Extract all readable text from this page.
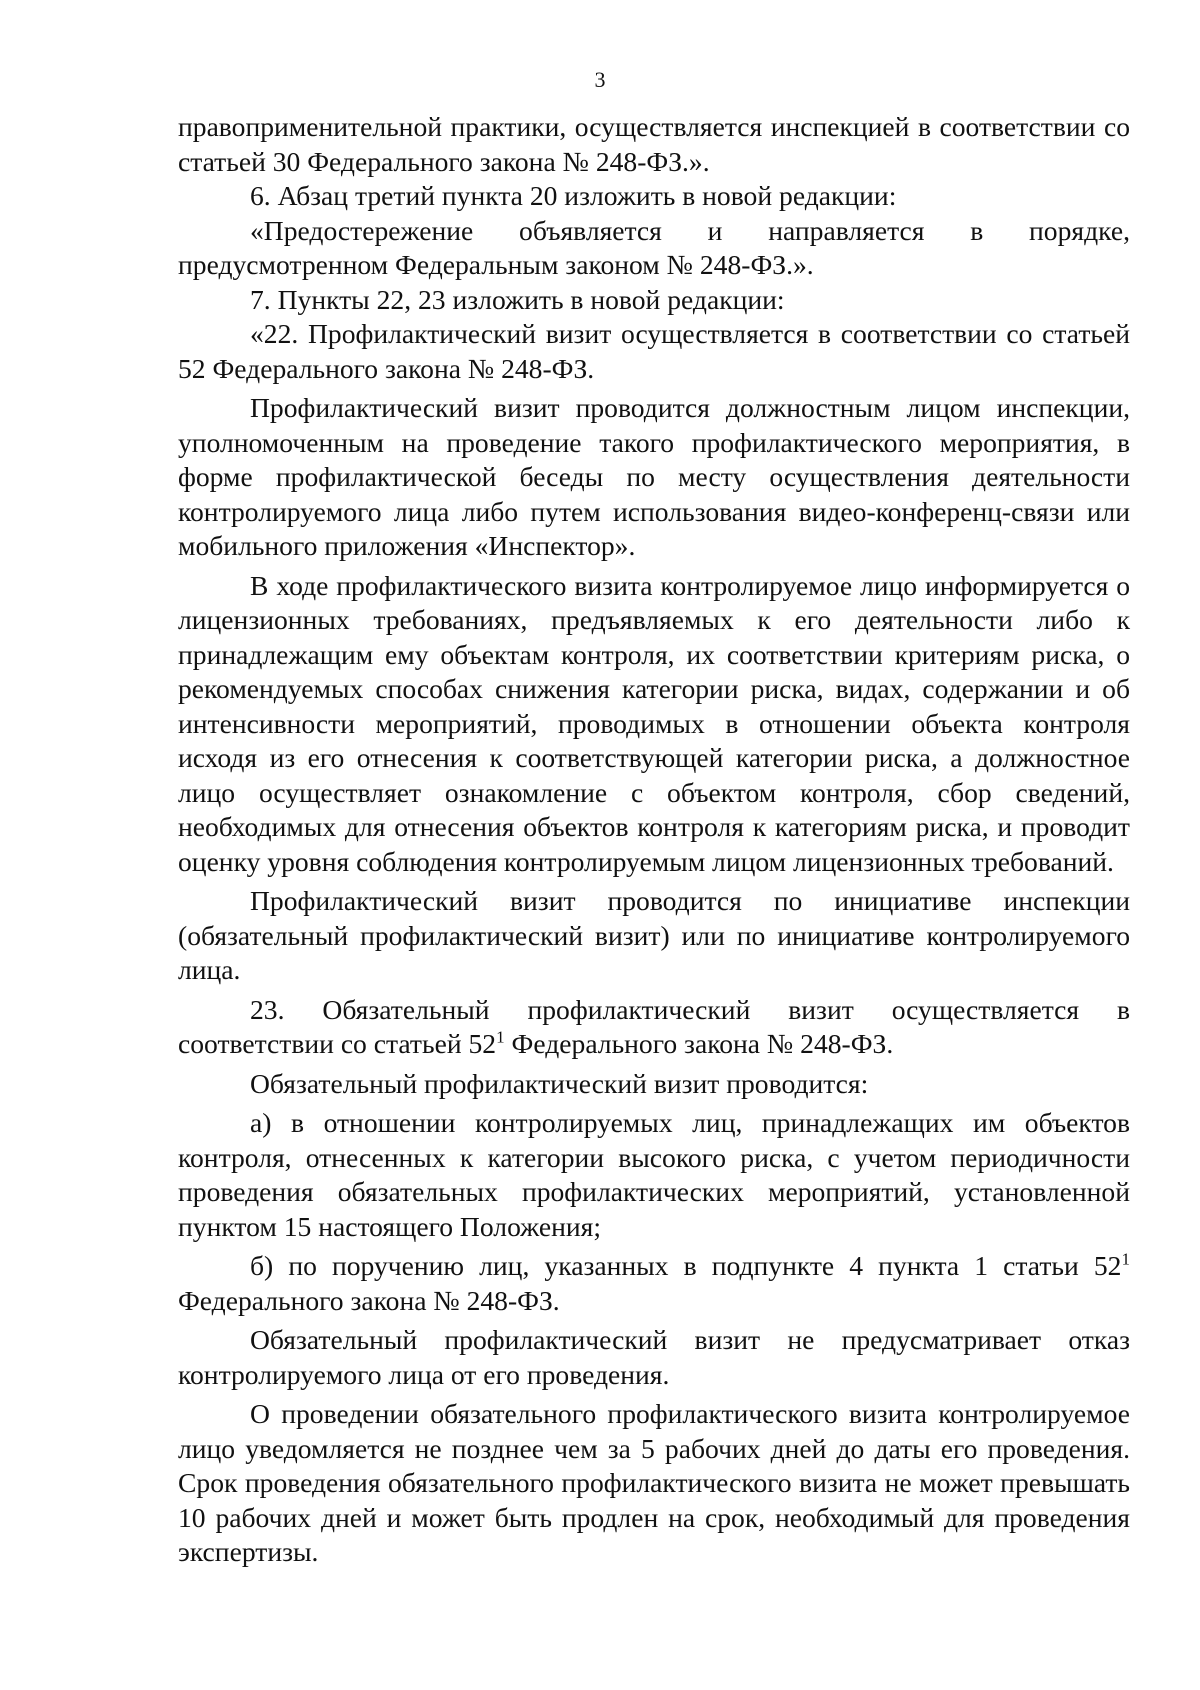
3

правоприменительной практики, осуществляется инспекцией в соответствии со статьей 30 Федерального закона № 248-ФЗ.».

6. Абзац третий пункта 20 изложить в новой редакции:

«Предостережение объявляется и направляется в порядке, предусмотренном Федеральным законом № 248-ФЗ.».

7. Пункты 22, 23 изложить в новой редакции:

«22. Профилактический визит осуществляется в соответствии со статьей 52 Федерального закона № 248-ФЗ.

Профилактический визит проводится должностным лицом инспекции, уполномоченным на проведение такого профилактического мероприятия, в форме профилактической беседы по месту осуществления деятельности контролируемого лица либо путем использования видео-конференц-связи или мобильного приложения «Инспектор».

В ходе профилактического визита контролируемое лицо информируется о лицензионных требованиях, предъявляемых к его деятельности либо к принадлежащим ему объектам контроля, их соответствии критериям риска, о рекомендуемых способах снижения категории риска, видах, содержании и об интенсивности мероприятий, проводимых в отношении объекта контроля исходя из его отнесения к соответствующей категории риска, а должностное лицо осуществляет ознакомление с объектом контроля, сбор сведений, необходимых для отнесения объектов контроля к категориям риска, и проводит оценку уровня соблюдения контролируемым лицом лицензионных требований.

Профилактический визит проводится по инициативе инспекции (обязательный профилактический визит) или по инициативе контролируемого лица.

23. Обязательный профилактический визит осуществляется в соответствии со статьей $52^1$ Федерального закона № 248-ФЗ.

Обязательный профилактический визит проводится:

а) в отношении контролируемых лиц, принадлежащих им объектов контроля, отнесенных к категории высокого риска, с учетом периодичности проведения обязательных профилактических мероприятий, установленной пунктом 15 настоящего Положения;

б) по поручению лиц, указанных в подпункте 4 пункта 1 статьи $52^1$ Федерального закона № 248-ФЗ.

Обязательный профилактический визит не предусматривает отказ контролируемого лица от его проведения.

О проведении обязательного профилактического визита контролируемое лицо уведомляется не позднее чем за 5 рабочих дней до даты его проведения. Срок проведения обязательного профилактического визита не может превышать 10 рабочих дней и может быть продлен на срок, необходимый для проведения экспертизы.
